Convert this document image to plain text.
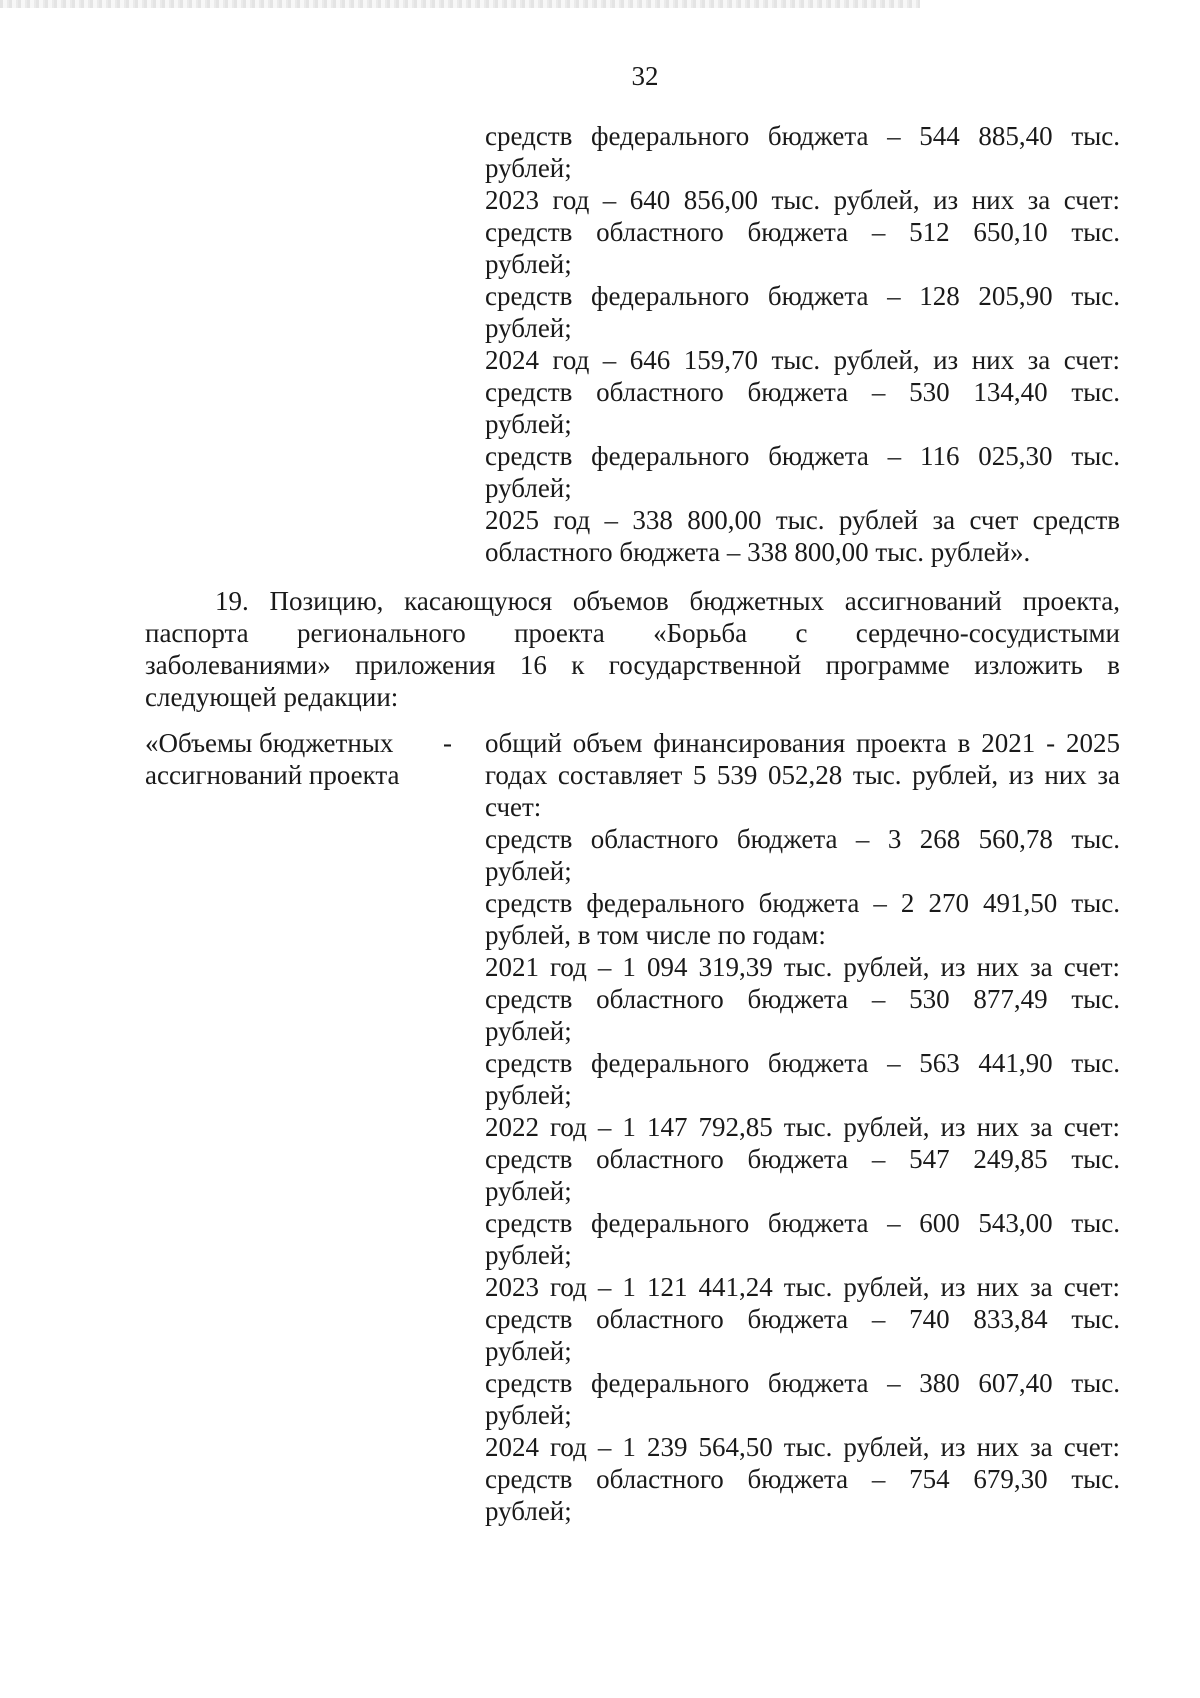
32
средств федерального бюджета – 544 885,40 тыс.
рублей;
2023 год – 640 856,00 тыс. рублей, из них за счет:
средств областного бюджета – 512 650,10 тыс.
рублей;
средств федерального бюджета – 128 205,90 тыс.
рублей;
2024 год – 646 159,70 тыс. рублей, из них за счет:
средств областного бюджета – 530 134,40 тыс.
рублей;
средств федерального бюджета – 116 025,30 тыс.
рублей;
2025 год – 338 800,00 тыс. рублей за счет средств
областного бюджета – 338 800,00 тыс. рублей».
19. Позицию, касающуюся объемов бюджетных ассигнований проекта,
паспорта регионального проекта «Борьба с сердечно-сосудистыми
заболеваниями» приложения 16 к государственной программе изложить в
следующей редакции:
«Объемы бюджетных
ассигнований проекта
- общий объем финансирования проекта в 2021 - 2025
годах составляет 5 539 052,28 тыс. рублей, из них за
счет:
средств областного бюджета – 3 268 560,78 тыс.
рублей;
средств федерального бюджета – 2 270 491,50 тыс.
рублей, в том числе по годам:
2021 год – 1 094 319,39 тыс. рублей, из них за счет:
средств областного бюджета – 530 877,49 тыс.
рублей;
средств федерального бюджета – 563 441,90 тыс.
рублей;
2022 год – 1 147 792,85 тыс. рублей, из них за счет:
средств областного бюджета – 547 249,85 тыс.
рублей;
средств федерального бюджета – 600 543,00 тыс.
рублей;
2023 год – 1 121 441,24 тыс. рублей, из них за счет:
средств областного бюджета – 740 833,84 тыс.
рублей;
средств федерального бюджета – 380 607,40 тыс.
рублей;
2024 год – 1 239 564,50 тыс. рублей, из них за счет:
средств областного бюджета – 754 679,30 тыс.
рублей;
